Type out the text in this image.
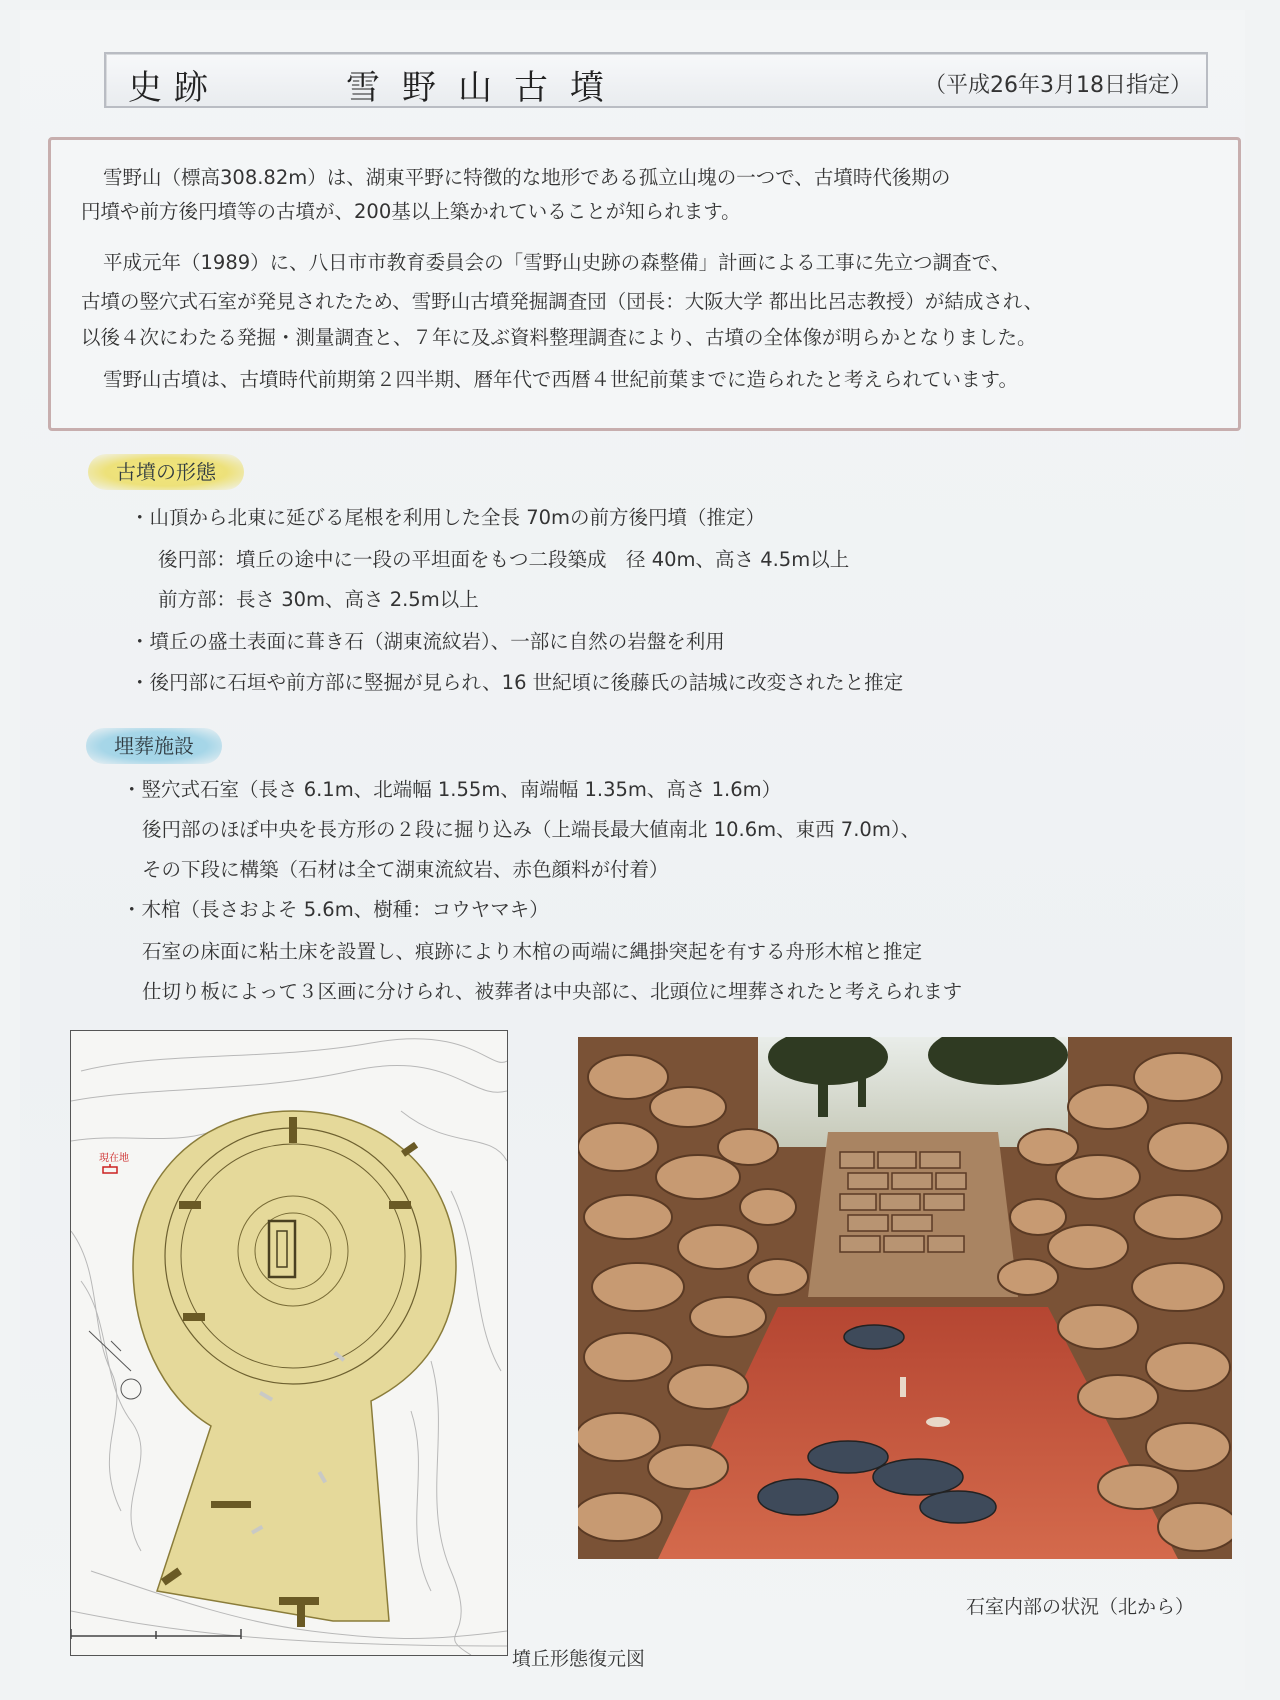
史跡	雪野山古墳	（平成26年3月18日指定）

雪野山（標高308.82m）は、湖東平野に特徴的な地形である孤立山塊の一つで、古墳時代後期の

円墳や前方後円墳等の古墳が、200基以上築かれていることが知られます。

平成元年（1989）に、八日市市教育委員会の「雪野山史跡の森整備」計画による工事に先立つ調査で、

古墳の竪穴式石室が発見されたため、雪野山古墳発掘調査団（団長：大阪大学 都出比呂志教授）が結成され、

以後４次にわたる発掘・測量調査と、７年に及ぶ資料整理調査により、古墳の全体像が明らかとなりました。

雪野山古墳は、古墳時代前期第２四半期、暦年代で西暦４世紀前葉までに造られたと考えられています。

古墳の形態
・山頂から北東に延びる尾根を利用した全長 70mの前方後円墳（推定）
後円部：墳丘の途中に一段の平坦面をもつ二段築成　径 40m、高さ 4.5m以上
前方部：長さ 30m、高さ 2.5m以上
・墳丘の盛土表面に葺き石（湖東流紋岩）、一部に自然の岩盤を利用
・後円部に石垣や前方部に竪掘が見られ、16 世紀頃に後藤氏の詰城に改変されたと推定
埋葬施設
・竪穴式石室（長さ 6.1m、北端幅 1.55m、南端幅 1.35m、高さ 1.6m）
後円部のほぼ中央を長方形の２段に掘り込み（上端長最大値南北 10.6m、東西 7.0m）、
その下段に構築（石材は全て湖東流紋岩、赤色顔料が付着）
・木棺（長さおよそ 5.6m、樹種：コウヤマキ）
石室の床面に粘土床を設置し、痕跡により木棺の両端に縄掛突起を有する舟形木棺と推定
仕切り板によって３区画に分けられ、被葬者は中央部に、北頭位に埋葬されたと考えられます
現在地
墳丘形態復元図
石室内部の状況（北から）
